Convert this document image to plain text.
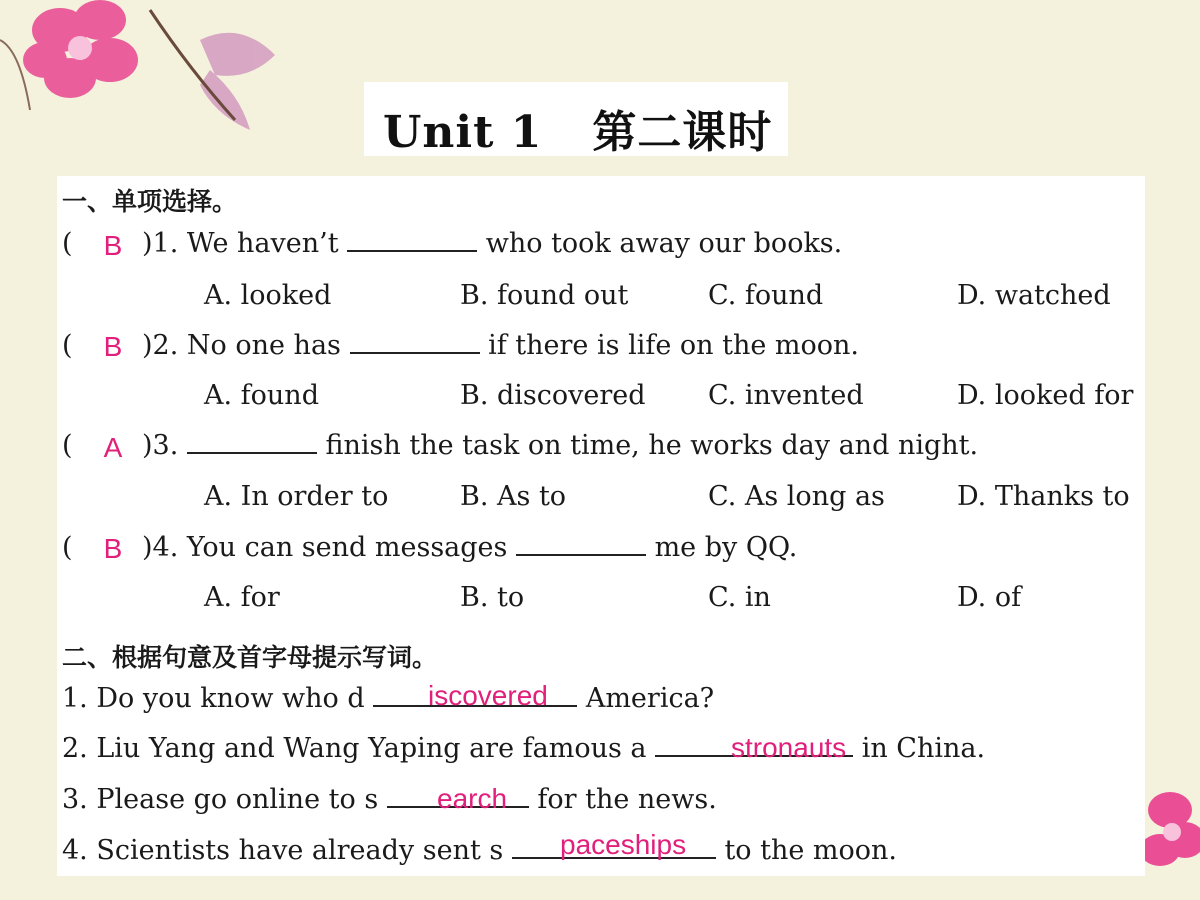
Unit 1 第二课时
一、单项选择。
(	B )1. We haven’t	who took away our books.
A. looked	B. found out	C. found	D. watched
(	B )2. No one has	if there is life on the moon.
A. found	B. discovered C. invented	D. looked for
(	A )3.	finish the task on time, he works day and night.
A. In order to	B. As to	C. As long as	D. Thanks to
(	B )4. You can send messages	me by QQ.
A. for	B. to	C. in	D. of
二、根据句意及首字母提示写词。
1. Do you know who d	America?
iscovered
2. Liu Yang and Wang Yaping are famous a	in China.
stronauts
3. Please go online to s	for the news.
earch
4. Scientists have already sent s	to the moon.
paceships
